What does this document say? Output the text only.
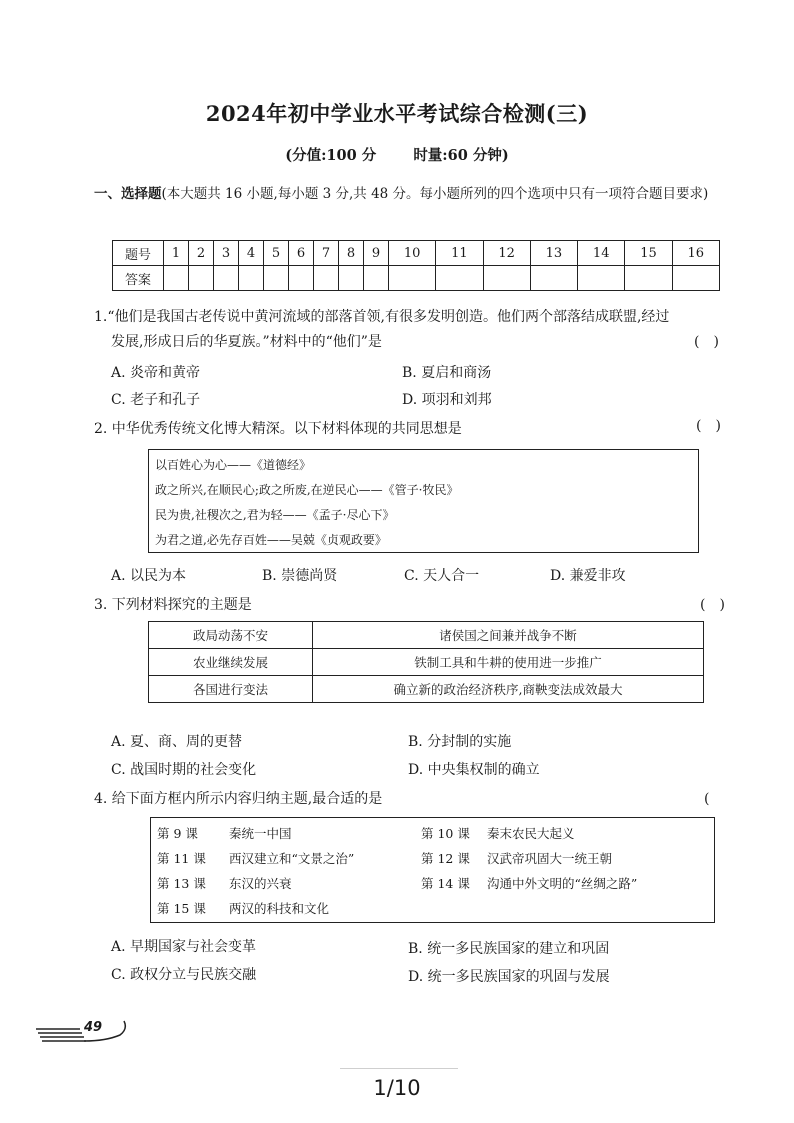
2024年初中学业水平考试综合检测(三)
(分值:100 分	时量:60 分钟)
一、选择题(本大题共 16 小题,每小题 3 分,共 48 分。每小题所列的四个选项中只有一项符合题目要求)
题号	1	2	3	4	5	6	7	8	9	10	11	12	13	14	15	16
答案																
1.“他们是我国古老传说中黄河流域的部落首领,有很多发明创造。他们两个部落结成联盟,经过
发展,形成日后的华夏族。”材料中的“他们”是	(　)
A. 炎帝和黄帝	B. 夏启和商汤
C. 老子和孔子	D. 项羽和刘邦
2. 中华优秀传统文化博大精深。以下材料体现的共同思想是	(　)
以百姓心为心——《道德经》
政之所兴,在顺民心;政之所废,在逆民心——《管子·牧民》
民为贵,社稷次之,君为轻——《孟子·尽心下》
为君之道,必先存百姓——吴兢《贞观政要》
A. 以民为本	B. 崇德尚贤	C. 天人合一	D. 兼爱非攻
3. 下列材料探究的主题是	(　)
政局动荡不安	诸侯国之间兼并战争不断
农业继续发展	铁制工具和牛耕的使用进一步推广
各国进行变法	确立新的政治经济秩序,商鞅变法成效最大
A. 夏、商、周的更替	B. 分封制的实施
C. 战国时期的社会变化	D. 中央集权制的确立
4. 给下面方框内所示内容归纳主题,最合适的是	(
第 9 课 秦统一中国	第 10 课 秦末农民大起义
第 11 课 西汉建立和“文景之治”	第 12 课 汉武帝巩固大一统王朝
第 13 课 东汉的兴衰	第 14 课 沟通中外文明的“丝绸之路”
第 15 课 两汉的科技和文化
A. 早期国家与社会变革	B. 统一多民族国家的建立和巩固
C. 政权分立与民族交融	D. 统一多民族国家的巩固与发展
49
1/10
